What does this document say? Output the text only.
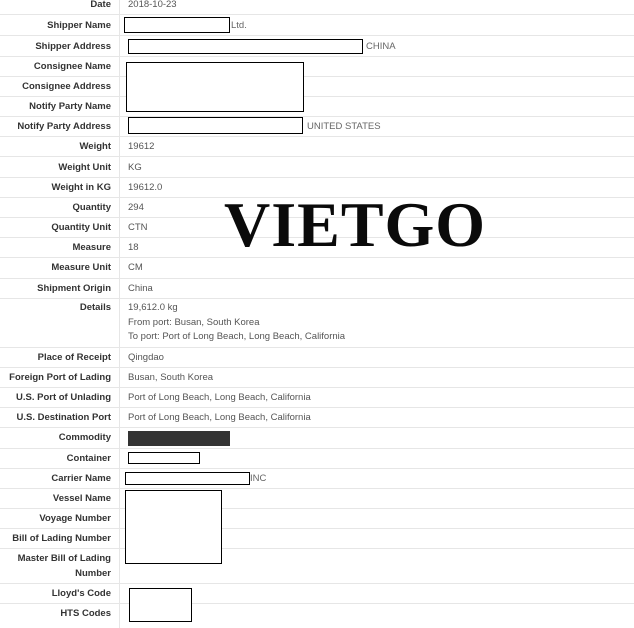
Date 2018-10-23
Shipper Name	Ltd.
Shipper Address	CHINA
Consignee Name
Consignee Address
Notify Party Name
Notify Party Address	UNITED STATES
Weight 19612
Weight Unit KG
Weight in KG 19612.0
Quantity 294
Quantity Unit CTN
Measure 18
Measure Unit CM
Shipment Origin China
Details 19,612.0 kg
From port: Busan, South Korea
To port: Port of Long Beach, Long Beach, California
Place of Receipt Qingdao
Foreign Port of Lading Busan, South Korea
U.S. Port of Unlading Port of Long Beach, Long Beach, California
U.S. Destination Port Port of Long Beach, Long Beach, California
Commodity
Container
Carrier Name	INC
Vessel Name
Voyage Number
Bill of Lading Number
Master Bill of Lading
Number
Lloyd's Code
HTS Codes
VIETGO
